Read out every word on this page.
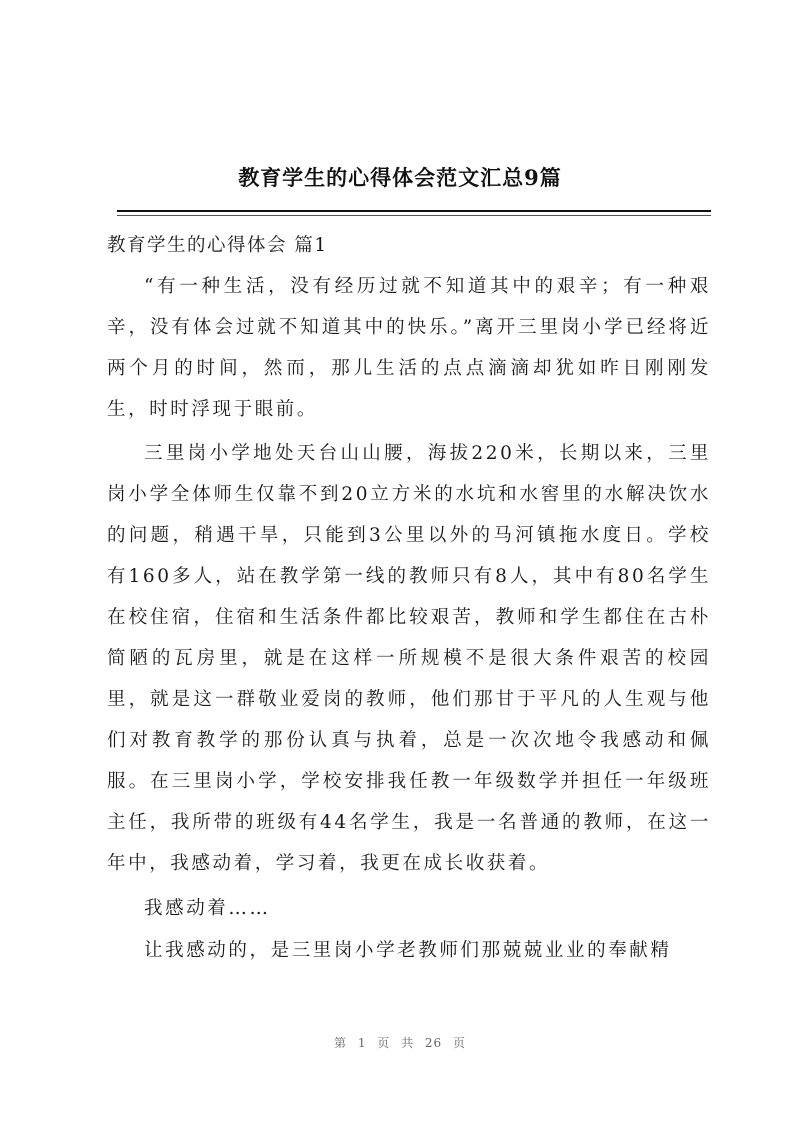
教育学生的心得体会范文汇总9篇
教育学生的心得体会 篇1

“有一种生活，没有经历过就不知道其中的艰辛；有一种艰辛，没有体会过就不知道其中的快乐。”离开三里岗小学已经将近两个月的时间，然而，那儿生活的点点滴滴却犹如昨日刚刚发生，时时浮现于眼前。

三里岗小学地处天台山山腰，海拔220米，长期以来，三里岗小学全体师生仅靠不到20立方米的水坑和水窖里的水解决饮水的问题，稍遇干旱，只能到3公里以外的马河镇拖水度日。学校有160多人，站在教学第一线的教师只有8人，其中有80名学生在校住宿，住宿和生活条件都比较艰苦，教师和学生都住在古朴简陋的瓦房里，就是在这样一所规模不是很大条件艰苦的校园里，就是这一群敬业爱岗的教师，他们那甘于平凡的人生观与他们对教育教学的那份认真与执着，总是一次次地令我感动和佩服。在三里岗小学，学校安排我任教一年级数学并担任一年级班主任，我所带的班级有44名学生，我是一名普通的教师，在这一年中，我感动着，学习着，我更在成长收获着。

我感动着……

让我感动的，是三里岗小学老教师们那兢兢业业的奉献精

第 1 页 共 26 页
